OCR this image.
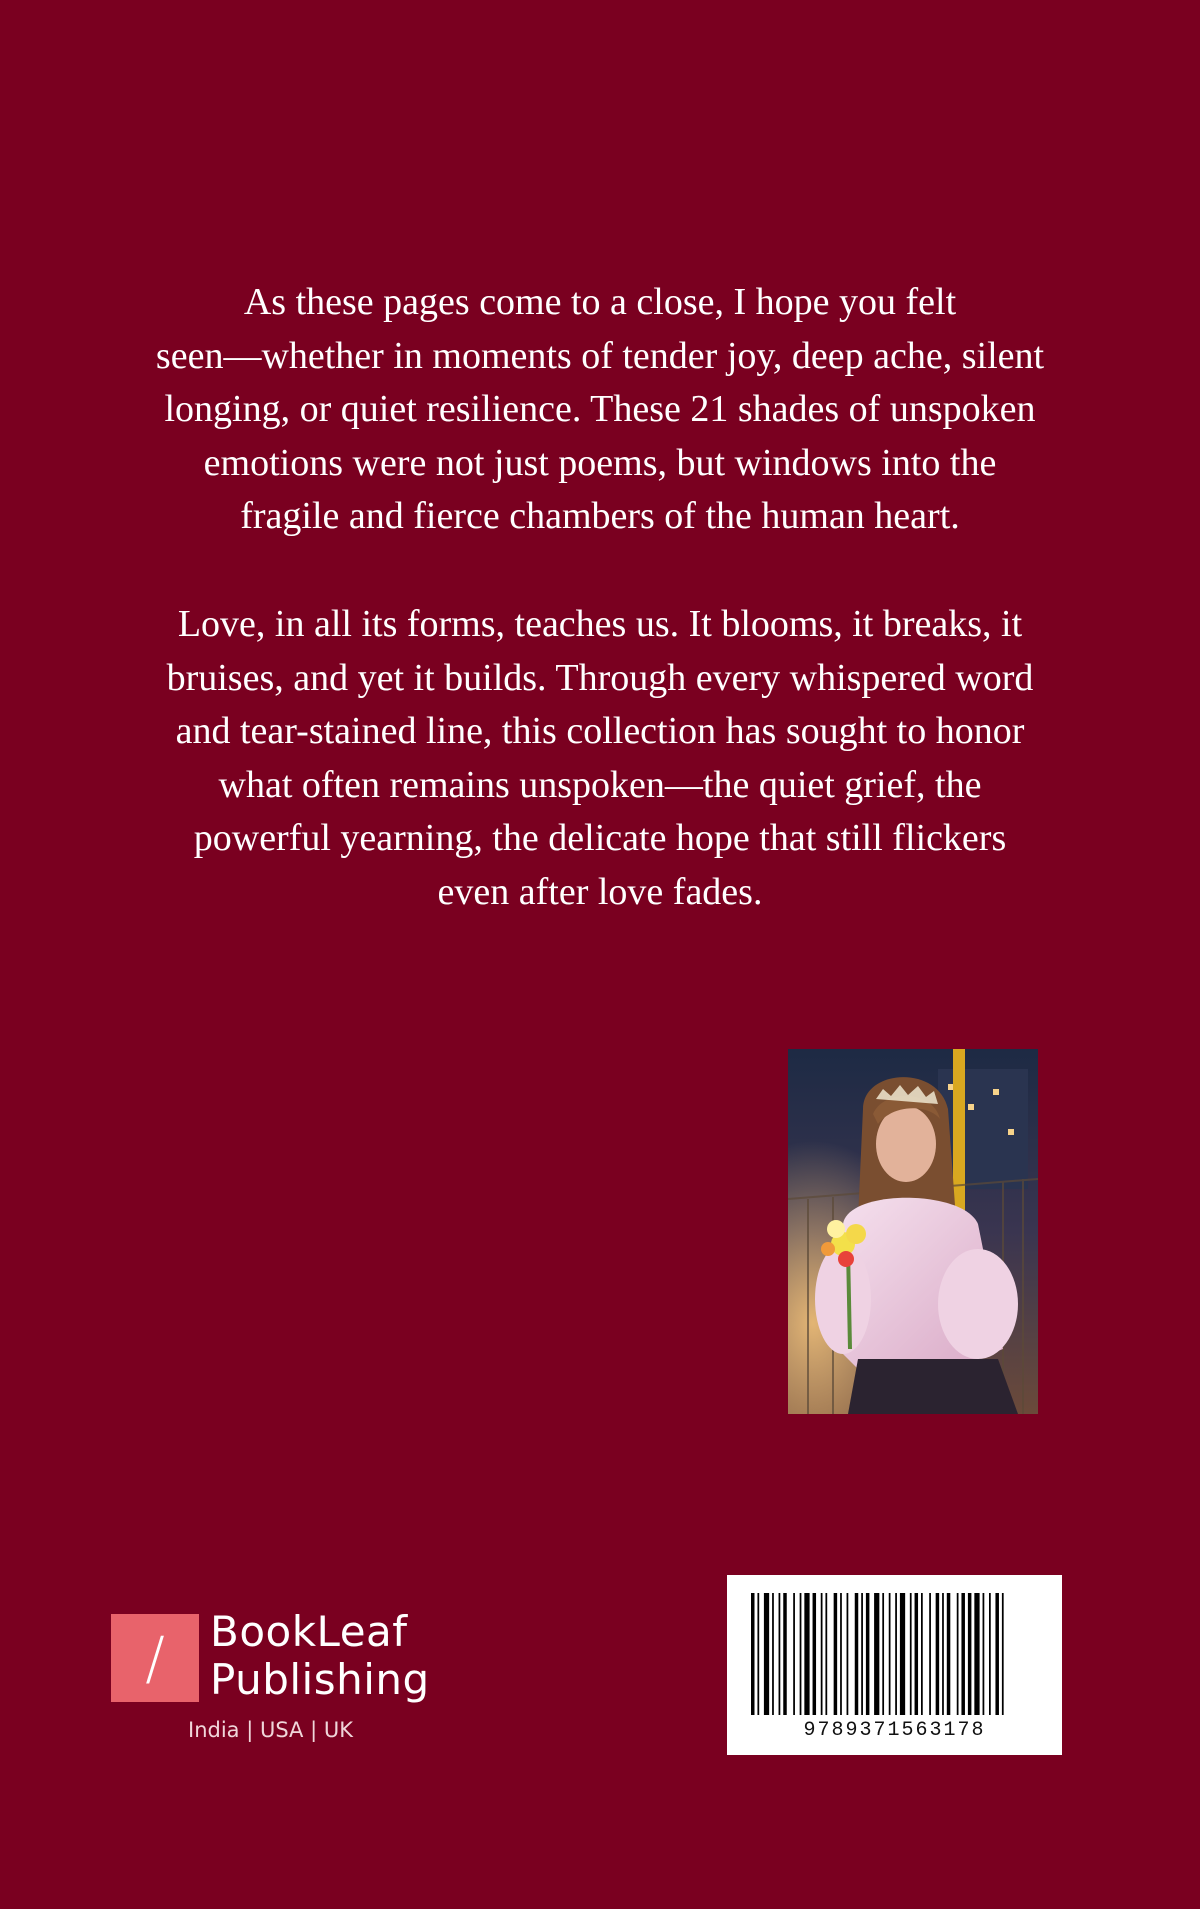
As these pages come to a close, I hope you felt
seen—whether in moments of tender joy, deep ache, silent
longing, or quiet resilience. These 21 shades of unspoken
emotions were not just poems, but windows into the
fragile and fierce chambers of the human heart.
Love, in all its forms, teaches us. It blooms, it breaks, it
bruises, and yet it builds. Through every whispered word
and tear-stained line, this collection has sought to honor
what often remains unspoken—the quiet grief, the
powerful yearning, the delicate hope that still flickers
even after love fades.
/	BookLeaf
Publishing
India | USA | UK	9789371563178
